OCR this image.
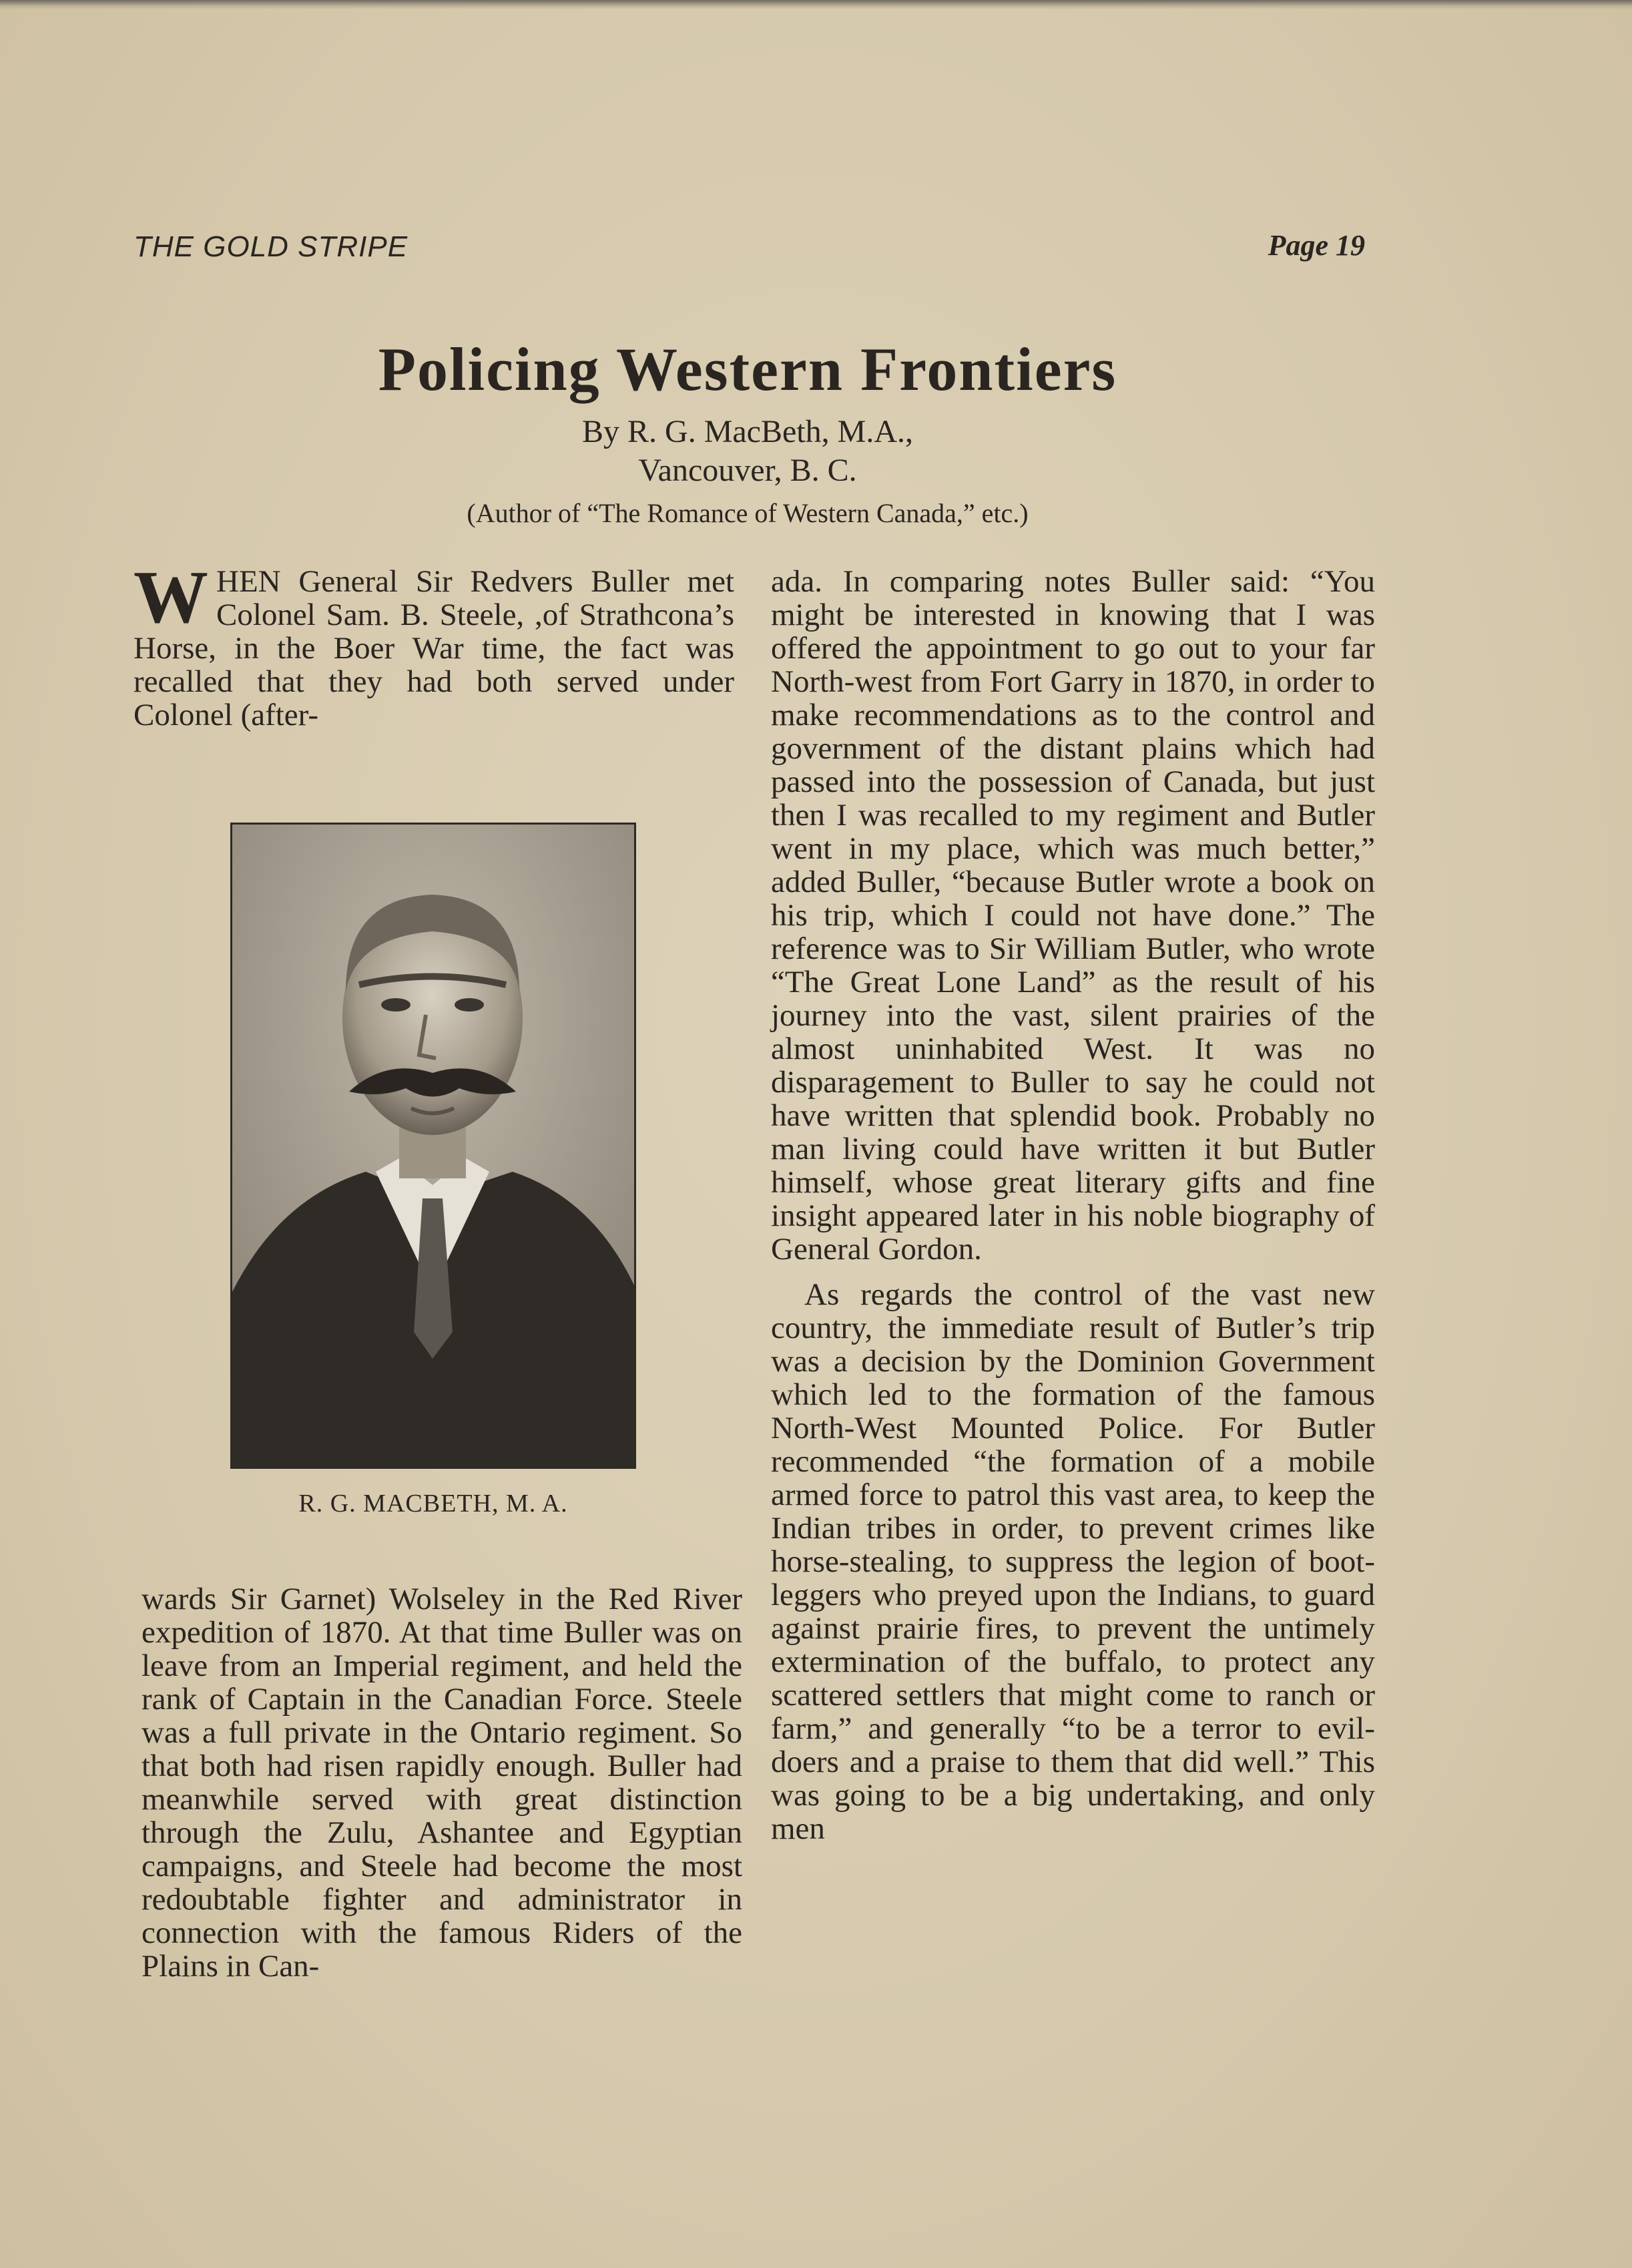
THE GOLD STRIPE	Page 19
Policing Western Frontiers
By R. G. MacBeth, M.A.,
Vancouver, B. C.
(Author of “The Romance of Western Canada,” etc.)

WHEN General Sir Redvers Buller met Colonel Sam. B. Steele, ,of Strathcona’s Horse, in the Boer War time, the fact was recalled that they had both served under Colonel (after-

R. G. MACBETH, M. A.

wards Sir Garnet) Wolseley in the Red River expedition of 1870. At that time Buller was on leave from an Imperial regiment, and held the rank of Captain in the Canadian Force. Steele was a full private in the Ontario regiment. So that both had risen rapidly enough. Buller had meanwhile served with great distinction through the Zulu, Ashantee and Egyptian campaigns, and Steele had become the most redoubtable fighter and administrator in connection with the famous Riders of the Plains in Can-

ada. In comparing notes Buller said: “You might be interested in knowing that I was offered the appointment to go out to your far North-west from Fort Garry in 1870, in order to make recommendations as to the control and government of the distant plains which had passed into the possession of Canada, but just then I was recalled to my regiment and Butler went in my place, which was much better,” added Buller, “because Butler wrote a book on his trip, which I could not have done.” The reference was to Sir William Butler, who wrote “The Great Lone Land” as the result of his journey into the vast, silent prairies of the almost uninhabited West. It was no disparagement to Buller to say he could not have written that splendid book. Probably no man living could have written it but Butler himself, whose great literary gifts and fine insight appeared later in his noble biography of General Gordon.

As regards the control of the vast new country, the immediate result of Butler’s trip was a decision by the Dominion Government which led to the formation of the famous North-West Mounted Police. For Butler recommended “the formation of a mobile armed force to patrol this vast area, to keep the Indian tribes in order, to prevent crimes like horse-stealing, to suppress the legion of boot-leggers who preyed upon the Indians, to guard against prairie fires, to prevent the untimely extermination of the buffalo, to protect any scattered settlers that might come to ranch or farm,” and generally “to be a terror to evil-doers and a praise to them that did well.” This was going to be a big undertaking, and only men
